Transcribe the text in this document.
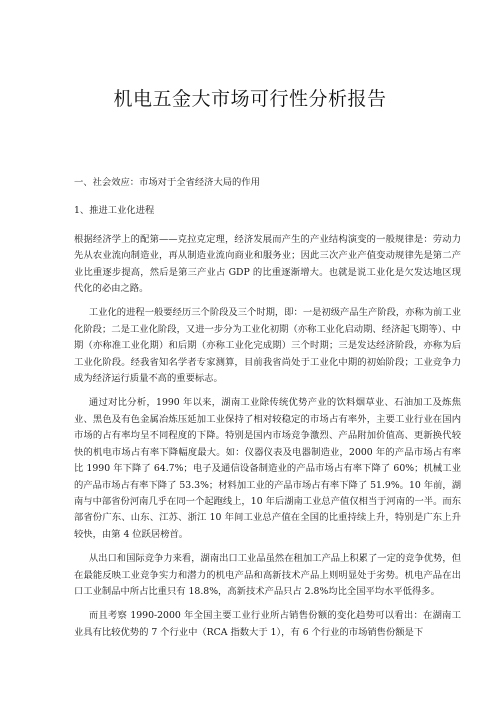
机电五金大市场可行性分析报告

一、社会效应：市场对于全省经济大局的作用

1、推进工业化进程

根据经济学上的配第——克拉克定理，经济发展而产生的产业结构演变的一般规律是：劳动力先从农业流向制造业，再从制造业流向商业和服务业；因此三次产业产值变动规律先是第二产业比重逐步提高，然后是第三产业占 GDP 的比重逐渐增大。也就是说工业化是欠发达地区现代化的必由之路。

工业化的进程一般要经历三个阶段及三个时期，即：一是初级产品生产阶段，亦称为前工业化阶段；二是工业化阶段，又进一步分为工业化初期（亦称工业化启动期、经济起飞期等）、中期（亦称准工业化期）和后期（亦称工业化完成期）三个时期；三是发达经济阶段，亦称为后工业化阶段。经我省知名学者专家测算，目前我省尚处于工业化中期的初始阶段；工业竞争力成为经济运行质量不高的重要标志。

通过对比分析，1990 年以来，湖南工业除传统优势产业的饮料烟草业、石油加工及炼焦业、黑色及有色金属冶炼压延加工业保持了相对较稳定的市场占有率外，主要工业行业在国内市场的占有率均呈不同程度的下降。特别是国内市场竞争激烈、产品附加价值高、更新换代较快的机电市场占有率下降幅度最大。如：仪器仪表及电器制造业，2000 年的产品市场占有率比 1990 年下降了 64.7%；电子及通信设备制造业的产品市场占有率下降了 60%；机械工业的产品市场占有率下降了 53.3%；材料加工业的产品市场占有率下降了 51.9%。10 年前，湖南与中部省份河南几乎在同一个起跑线上，10 年后湖南工业总产值仅相当于河南的一半。而东部省份广东、山东、江苏、浙江 10 年间工业总产值在全国的比重持续上升，特别是广东上升较快，由第 4 位跃居榜首。

从出口和国际竞争力来看，湖南出口工业品虽然在租加工产品上积累了一定的竞争优势，但在最能反映工业竞争实力和潜力的机电产品和高新技术产品上则明显处于劣势。机电产品在出口工业制品中所占比重只有 18.8%，高新技术产品只占 2.8%均比全国平均水平低得多。

而且考察 1990-2000 年全国主要工业行业所占销售份额的变化趋势可以看出：在湖南工业具有比较优势的 7 个行业中（RCA 指数大于 1），有 6 个行业的市场销售份额是下
